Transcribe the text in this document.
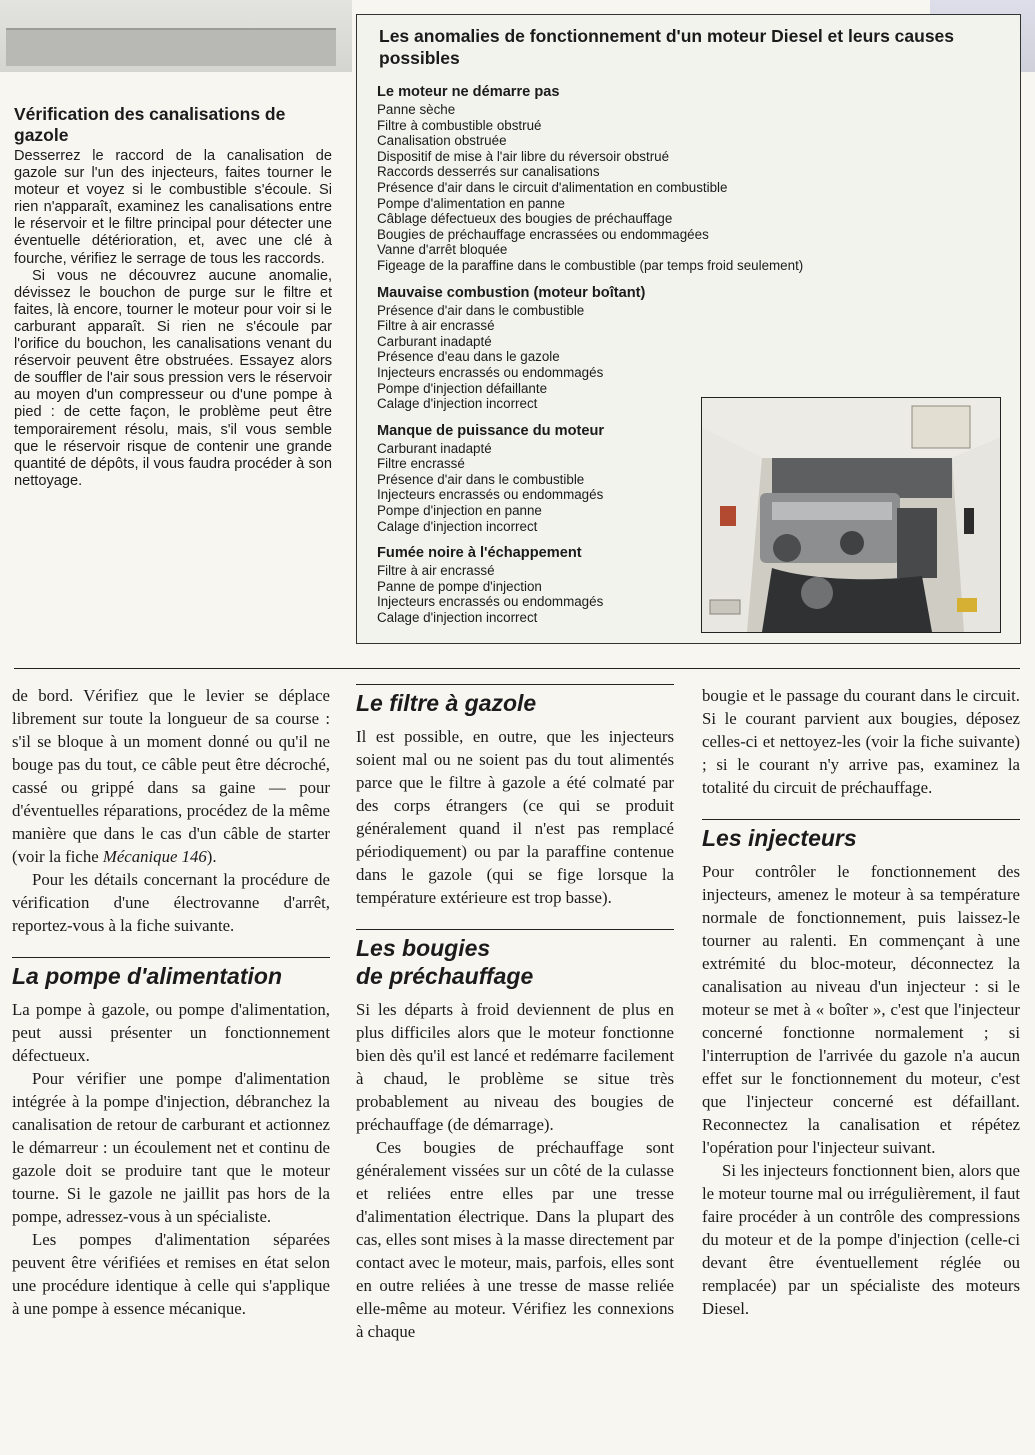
Vérification des canalisations de gazole

Desserrez le raccord de la canalisation de gazole sur l'un des injecteurs, faites tourner le moteur et voyez si le combustible s'écoule. Si rien n'apparaît, examinez les canalisations entre le réservoir et le filtre principal pour détecter une éventuelle détérioration, et, avec une clé à fourche, vérifiez le serrage de tous les raccords.

Si vous ne découvrez aucune anomalie, dévissez le bouchon de purge sur le filtre et faites, là encore, tourner le moteur pour voir si le carburant apparaît. Si rien ne s'écoule par l'orifice du bouchon, les canalisations venant du réservoir peuvent être obstruées. Essayez alors de souffler de l'air sous pression vers le réservoir au moyen d'un compresseur ou d'une pompe à pied : de cette façon, le problème peut être temporairement résolu, mais, s'il vous semble que le réservoir risque de contenir une grande quantité de dépôts, il vous faudra procéder à son nettoyage.

Les anomalies de fonctionnement d'un moteur Diesel et leurs causes possibles
Le moteur ne démarre pas
Panne sèche
Filtre à combustible obstrué
Canalisation obstruée
Dispositif de mise à l'air libre du réversoir obstrué
Raccords desserrés sur canalisations
Présence d'air dans le circuit d'alimentation en combustible
Pompe d'alimentation en panne
Câblage défectueux des bougies de préchauffage
Bougies de préchauffage encrassées ou endommagées
Vanne d'arrêt bloquée
Figeage de la paraffine dans le combustible (par temps froid seulement)
Mauvaise combustion (moteur boîtant)
Présence d'air dans le combustible
Filtre à air encrassé
Carburant inadapté
Présence d'eau dans le gazole
Injecteurs encrassés ou endommagés
Pompe d'injection défaillante
Calage d'injection incorrect
Manque de puissance du moteur
Carburant inadapté
Filtre encrassé
Présence d'air dans le combustible
Injecteurs encrassés ou endommagés
Pompe d'injection en panne
Calage d'injection incorrect
Fumée noire à l'échappement
Filtre à air encrassé
Panne de pompe d'injection
Injecteurs encrassés ou endommagés
Calage d'injection incorrect

de bord. Vérifiez que le levier se déplace librement sur toute la longueur de sa course : s'il se bloque à un moment donné ou qu'il ne bouge pas du tout, ce câble peut être décroché, cassé ou grippé dans sa gaine — pour d'éventuelles réparations, procédez de la même manière que dans le cas d'un câble de starter (voir la fiche Mécanique 146).

Pour les détails concernant la procédure de vérification d'une électrovanne d'arrêt, reportez-vous à la fiche suivante.

La pompe d'alimentation

La pompe à gazole, ou pompe d'alimentation, peut aussi présenter un fonctionnement défectueux.

Pour vérifier une pompe d'alimentation intégrée à la pompe d'injection, débranchez la canalisation de retour de carburant et actionnez le démarreur : un écoulement net et continu de gazole doit se produire tant que le moteur tourne. Si le gazole ne jaillit pas hors de la pompe, adressez-vous à un spécialiste.

Les pompes d'alimentation séparées peuvent être vérifiées et remises en état selon une procédure identique à celle qui s'applique à une pompe à essence mécanique.

Le filtre à gazole

Il est possible, en outre, que les injecteurs soient mal ou ne soient pas du tout alimentés parce que le filtre à gazole a été colmaté par des corps étrangers (ce qui se produit généralement quand il n'est pas remplacé périodiquement) ou par la paraffine contenue dans le gazole (qui se fige lorsque la température extérieure est trop basse).

Les bougies
de préchauffage

Si les départs à froid deviennent de plus en plus difficiles alors que le moteur fonctionne bien dès qu'il est lancé et redémarre facilement à chaud, le problème se situe très probablement au niveau des bougies de préchauffage (de démarrage).

Ces bougies de préchauffage sont généralement vissées sur un côté de la culasse et reliées entre elles par une tresse d'alimentation électrique. Dans la plupart des cas, elles sont mises à la masse directement par contact avec le moteur, mais, parfois, elles sont en outre reliées à une tresse de masse reliée elle-même au moteur. Vérifiez les connexions à chaque

bougie et le passage du courant dans le circuit. Si le courant parvient aux bougies, déposez celles-ci et nettoyez-les (voir la fiche suivante) ; si le courant n'y arrive pas, examinez la totalité du circuit de préchauffage.

Les injecteurs

Pour contrôler le fonctionnement des injecteurs, amenez le moteur à sa température normale de fonctionnement, puis laissez-le tourner au ralenti. En commençant à une extrémité du bloc-moteur, déconnectez la canalisation au niveau d'un injecteur : si le moteur se met à « boîter », c'est que l'injecteur concerné fonctionne normalement ; si l'interruption de l'arrivée du gazole n'a aucun effet sur le fonctionnement du moteur, c'est que l'injecteur concerné est défaillant. Reconnectez la canalisation et répétez l'opération pour l'injecteur suivant.

Si les injecteurs fonctionnent bien, alors que le moteur tourne mal ou irrégulièrement, il faut faire procéder à un contrôle des compressions du moteur et de la pompe d'injection (celle-ci devant être éventuellement réglée ou remplacée) par un spécialiste des moteurs Diesel.
